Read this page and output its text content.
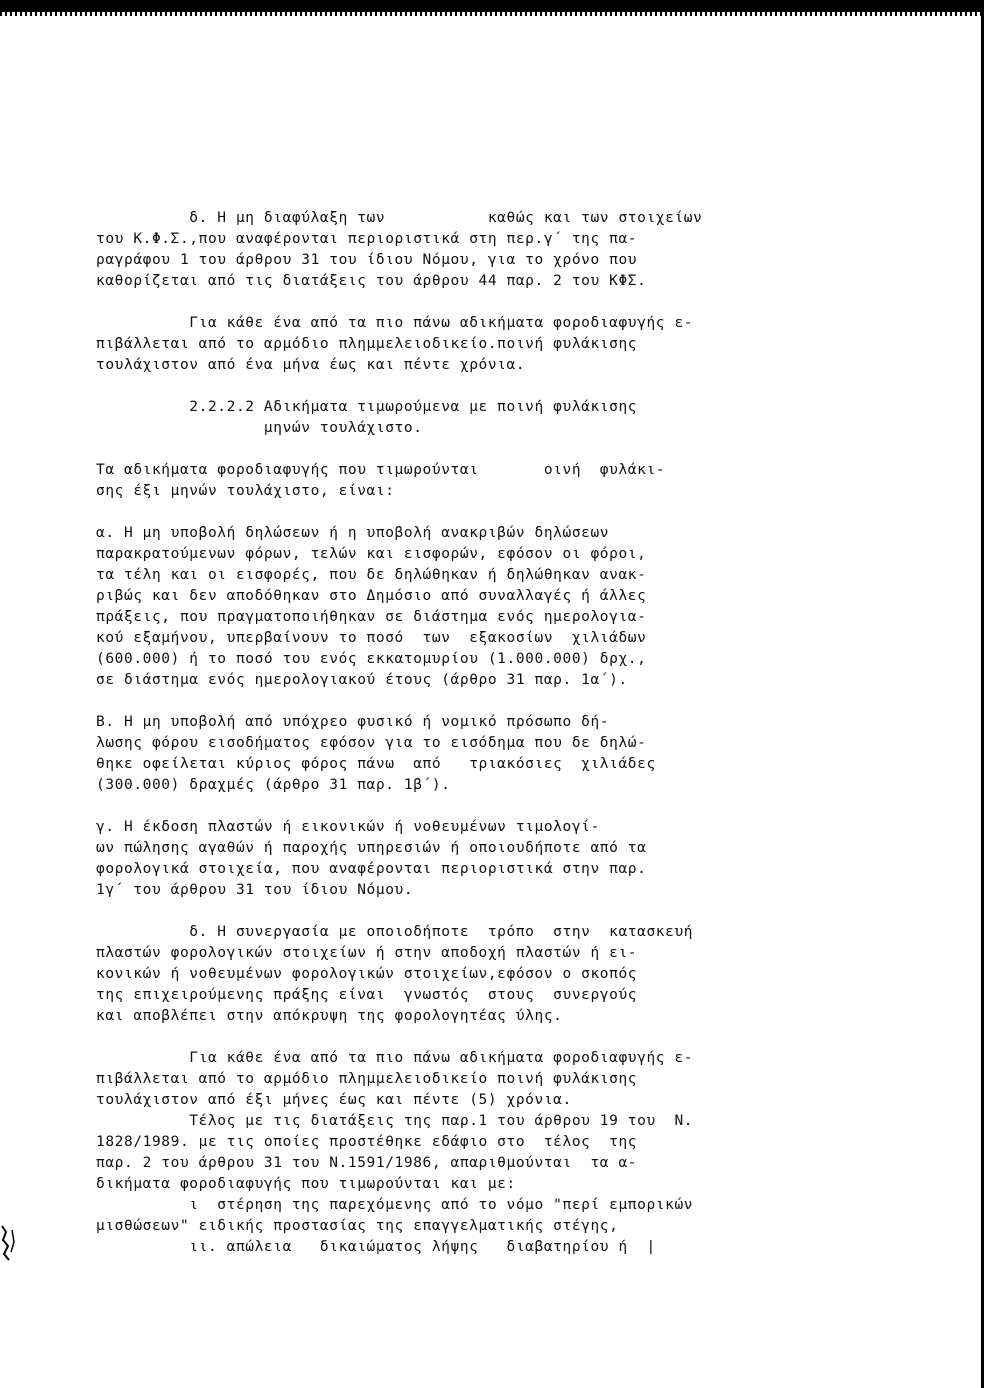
δ. Η μη διαφύλαξη των           καθώς και των στοιχείων
του Κ.Φ.Σ.,που αναφέρονται περιοριστικά στη περ.γ΄ της πα-
ραγράφου 1 του άρθρου 31 του ίδιου Νόμου, για το χρόνο που
καθορίζεται από τις διατάξεις του άρθρου 44 παρ. 2 του ΚΦΣ.
Για κάθε ένα από τα πιο πάνω αδικήματα φοροδιαφυγής ε-
πιβάλλεται από το αρμόδιο πλημμελειοδικείο.ποινή φυλάκισης
τουλάχιστον από ένα μήνα έως και πέντε χρόνια.
2.2.2.2 Αδικήματα τιμωρούμενα με ποινή φυλάκισης
μηνών τουλάχιστο.
Τα αδικήματα φοροδιαφυγής που τιμωρούνται       οινή  φυλάκι-
σης έξι μηνών τουλάχιστο, είναι:
α. Η μη υποβολή δηλώσεων ή η υποβολή ανακριβών δηλώσεων
παρακρατούμενων φόρων, τελών και εισφορών, εφόσον οι φόροι,
τα τέλη και οι εισφορές, που δε δηλώθηκαν ή δηλώθηκαν ανακ-
ριβώς και δεν αποδόθηκαν στο Δημόσιο από συναλλαγές ή άλλες
πράξεις, που πραγματοποιήθηκαν σε διάστημα ενός ημερολογια-
κού εξαμήνου, υπερβαίνουν το ποσό  των  εξακοσίων  χιλιάδων
(600.000) ή το ποσό του ενός εκκατομυρίου (1.000.000) δρχ.,
σε διάστημα ενός ημερολογιακού έτους (άρθρο 31 παρ. 1α΄).
Β. Η μη υποβολή από υπόχρεο φυσικό ή νομικό πρόσωπο δή-
λωσης φόρου εισοδήματος εφόσον για το εισόδημα που δε δηλώ-
θηκε οφείλεται κύριος φόρος πάνω  από   τριακόσιες  χιλιάδες
(300.000) δραχμές (άρθρο 31 παρ. 1β΄).
γ. Η έκδοση πλαστών ή εικονικών ή νοθευμένων τιμολογί-
ων πώλησης αγαθών ή παροχής υπηρεσιών ή οποιουδήποτε από τα
φορολογικά στοιχεία, που αναφέρονται περιοριστικά στην παρ.
1γ΄ του άρθρου 31 του ίδιου Νόμου.
δ. Η συνεργασία με οποιοδήποτε  τρόπο  στην  κατασκευή
πλαστών φορολογικών στοιχείων ή στην αποδοχή πλαστών ή ει-
κονικών ή νοθευμένων φορολογικών στοιχείων,εφόσον ο σκοπός
της επιχειρούμενης πράξης είναι  γνωστός  στους  συνεργούς
και αποβλέπει στην απόκρυψη της φορολογητέας ύλης.
Για κάθε ένα από τα πιο πάνω αδικήματα φοροδιαφυγής ε-
πιβάλλεται από το αρμόδιο πλημμελειοδικείο ποινή φυλάκισης
τουλάχιστον από έξι μήνες έως και πέντε (5) χρόνια.
Τέλος με τις διατάξεις της παρ.1 του άρθρου 19 του  Ν.
1828/1989. με τις οποίες προστέθηκε εδάφιο στο  τέλος  της
παρ. 2 του άρθρου 31 του Ν.1591/1986, απαριθμούνται  τα α-
δικήματα φοροδιαφυγής που τιμωρούνται και με:
ι  στέρηση της παρεχόμενης από το νόμο "περί εμπορικών
μισθώσεων" ειδικής προστασίας της επαγγελματικής στέγης,
ιι. απώλεια   δικαιώματος λήψης   διαβατηρίου ή  |
